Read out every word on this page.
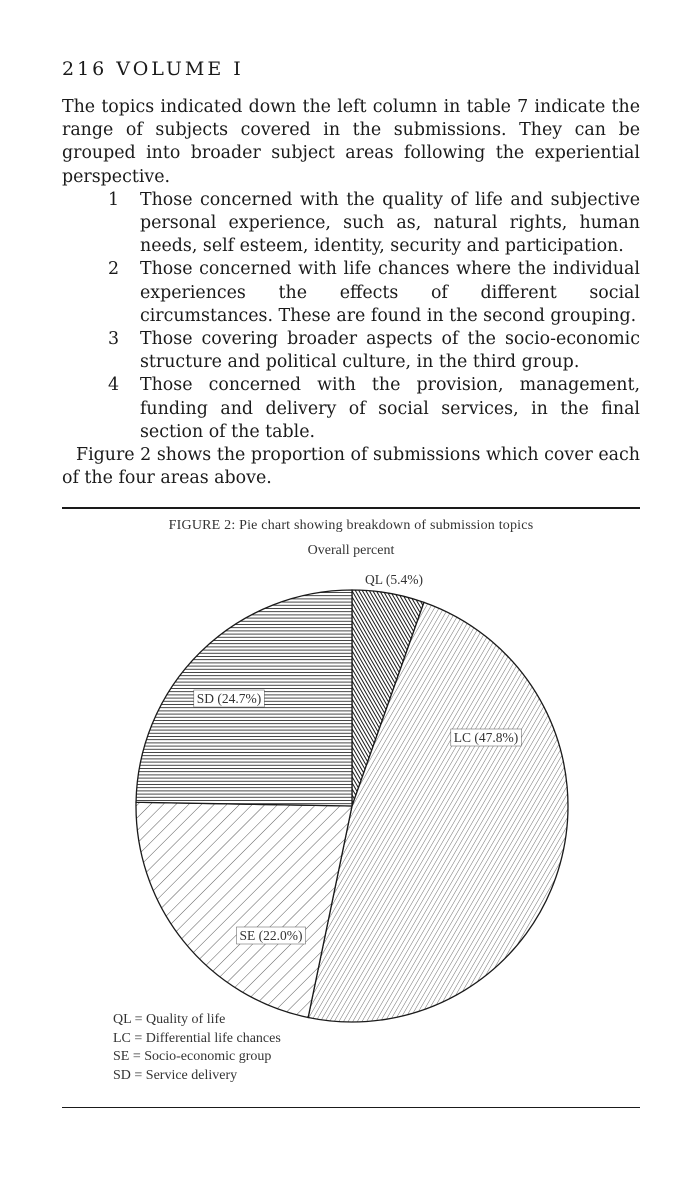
216 VOLUME I

The topics indicated down the left column in table 7 indicate the range of subjects covered in the submissions. They can be grouped into broader subject areas following the experiential perspective.

1 Those concerned with the quality of life and subjective personal experience, such as, natural rights, human needs, self esteem, identity, security and participation.
2 Those concerned with life chances where the individual experiences the effects of different social circumstances. These are found in the second grouping.
3 Those covering broader aspects of the socio-economic structure and political culture, in the third group.
4 Those concerned with the provision, management, funding and delivery of social services, in the final section of the table.

Figure 2 shows the proportion of submissions which cover each of the four areas above.

FIGURE 2: Pie chart showing breakdown of submission topics
Overall percent
QL (5.4%)
LC (47.8%)
SE (22.0%)
SD (24.7%)
QL = Quality of life
LC = Differential life chances
SE = Socio-economic group
SD = Service delivery
